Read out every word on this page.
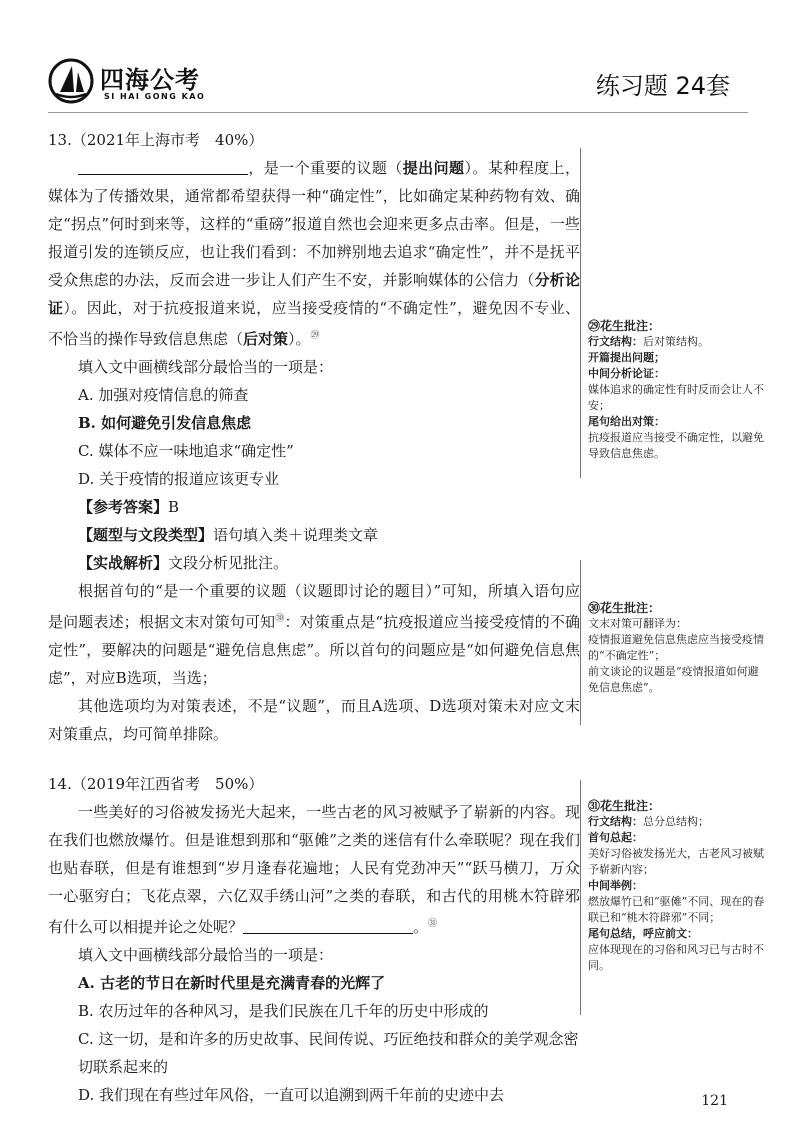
四海公考
SI HAI GONG KAO	练习题 24套
13.（2021年上海市考　40%）
，是一个重要的议题（提出问题）。某种程度上，媒体为了传播效果，通常都希望获得一种“确定性”，比如确定某种药物有效、确定“拐点”何时到来等，这样的“重磅”报道自然也会迎来更多点击率。但是，一些报道引发的连锁反应，也让我们看到：不加辨别地去追求“确定性”，并不是抚平受众焦虑的办法，反而会进一步让人们产生不安，并影响媒体的公信力（分析论证）。因此，对于抗疫报道来说，应当接受疫情的“不确定性”，避免因不专业、不恰当的操作导致信息焦虑（后对策）。$^㉙$
填入文中画横线部分最恰当的一项是：
A. 加强对疫情信息的筛查
B. 如何避免引发信息焦虑
C. 媒体不应一味地追求“确定性”
D. 关于疫情的报道应该更专业
【参考答案】B
【题型与文段类型】语句填入类＋说理类文章
【实战解析】文段分析见批注。
根据首句的“是一个重要的议题（议题即讨论的题目）”可知，所填入语句应是问题表述；根据文末对策句可知$^㉚$：对策重点是“抗疫报道应当接受疫情的不确定性”，要解决的问题是“避免信息焦虑”。所以首句的问题应是“如何避免信息焦虑”，对应B选项，当选；
其他选项均为对策表述，不是“议题”，而且A选项、D选项对策未对应文末对策重点，均可简单排除。
14.（2019年江西省考　50%）
一些美好的习俗被发扬光大起来，一些古老的风习被赋予了崭新的内容。现在我们也燃放爆竹。但是谁想到那和“驱傩”之类的迷信有什么牵联呢？现在我们也贴春联，但是有谁想到“岁月逢春花遍地；人民有党劲冲天”“跃马横刀，万众一心驱穷白；飞花点翠，六亿双手绣山河”之类的春联，和古代的用桃木符辟邪有什么可以相提并论之处呢？	。$^㉛$
填入文中画横线部分最恰当的一项是：
A. 古老的节日在新时代里是充满青春的光辉了
B. 农历过年的各种风习，是我们民族在几千年的历史中形成的
C. 这一切，是和许多的历史故事、民间传说、巧匠绝技和群众的美学观念密切联系起来的
D. 我们现在有些过年风俗，一直可以追溯到两千年前的史迹中去
㉙花生批注：
行文结构：后对策结构。
开篇提出问题；
中间分析论证：
媒体追求的确定性有时反而会让人不安；
尾句给出对策：
抗疫报道应当接受不确定性，以避免导致信息焦虑。
㉚花生批注：
文末对策可翻译为：
疫情报道避免信息焦虑应当接受疫情的“不确定性”；
前文谈论的议题是“疫情报道如何避免信息焦虑”。
㉛花生批注：
行文结构：总分总结构；
首句总起：
美好习俗被发扬光大，古老风习被赋予崭新内容；
中间举例：
燃放爆竹已和“驱傩”不同、现在的春联已和“桃木符辟邪”不同；
尾句总结，呼应前文：
应体现现在的习俗和风习已与古时不同。
121
